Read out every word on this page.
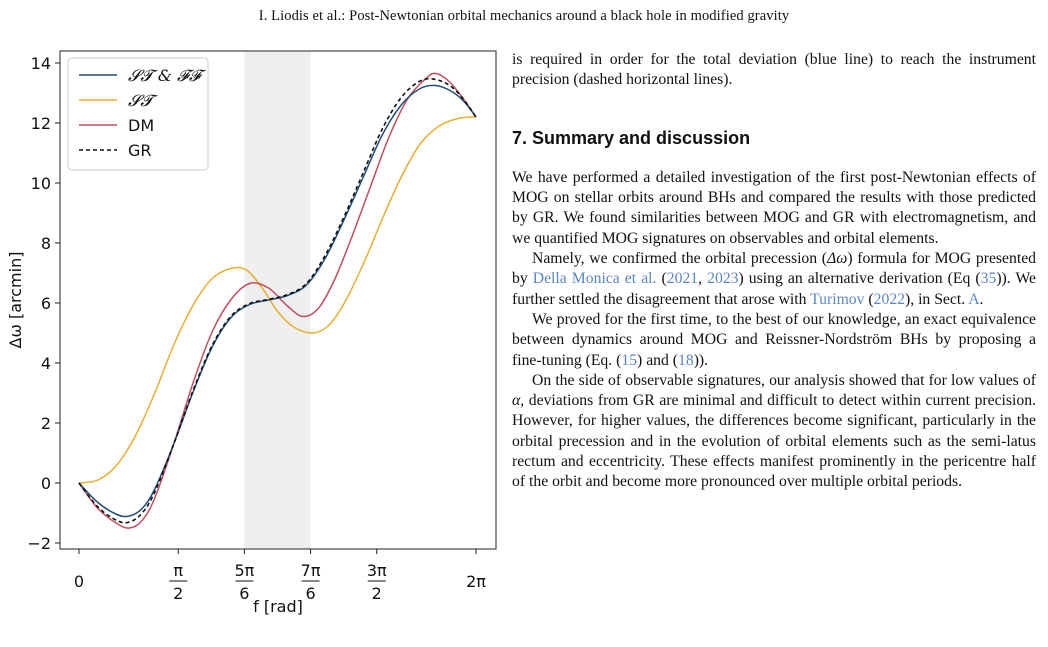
I. Liodis et al.: Post-Newtonian orbital mechanics around a black hole in modified gravity
−2
0
2
4
6
8
10
12
14
0
π
2
5π
6
7π
6
3π
2
2π
f [rad]
Δω [arcmin]
𝓢𝓣 & 𝓕𝓕
𝓢𝓣
DM
GR

is required in order for the total deviation (blue line) to reach the instrument precision (dashed horizontal lines).

7. Summary and discussion

We have performed a detailed investigation of the first post-Newtonian effects of MOG on stellar orbits around BHs and compared the results with those predicted by GR. We found similarities between MOG and GR with electromagnetism, and we quantified MOG signatures on observables and orbital elements.

Namely, we confirmed the orbital precession (Δω) formula for MOG presented by Della Monica et al. (2021, 2023) using an alternative derivation (Eq (35)). We further settled the disagreement that arose with Turimov (2022), in Sect. A.

We proved for the first time, to the best of our knowledge, an exact equivalence between dynamics around MOG and Reissner-Nordström BHs by proposing a fine-tuning (Eq. (15) and (18)).

On the side of observable signatures, our analysis showed that for low values of α, deviations from GR are minimal and difficult to detect within current precision. However, for higher values, the differences become significant, particularly in the orbital precession and in the evolution of orbital elements such as the semi-latus rectum and eccentricity. These effects manifest prominently in the pericentre half of the orbit and become more pronounced over multiple orbital periods.
